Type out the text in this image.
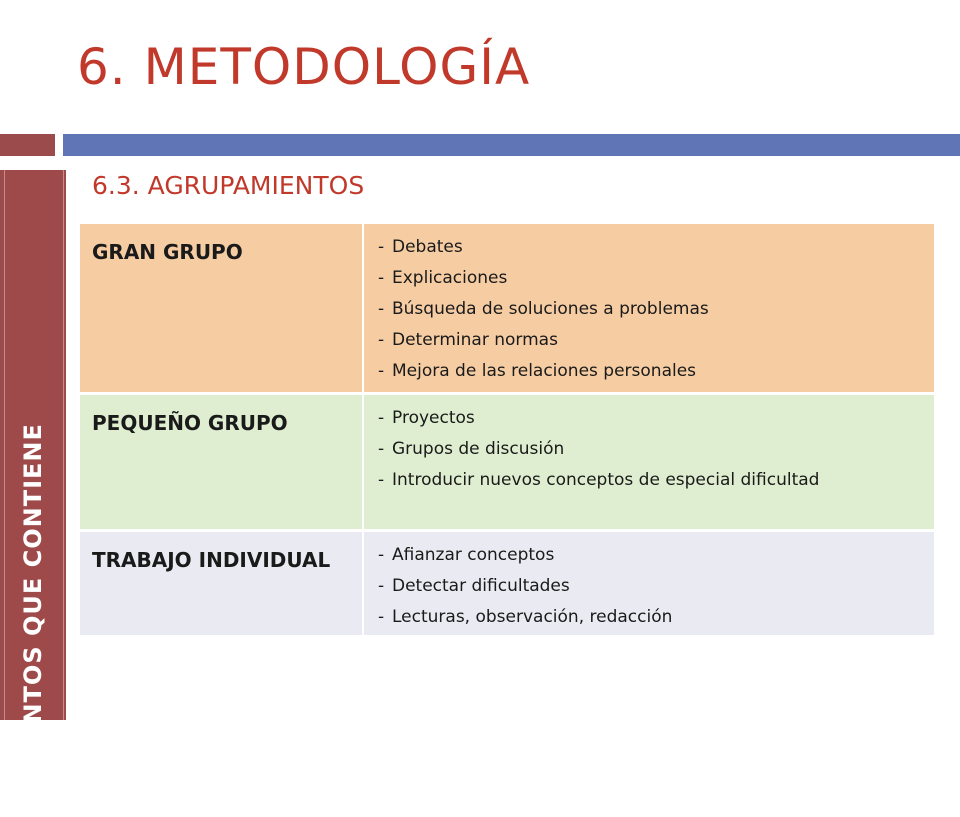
6. METODOLOGÍA
ELEMENTOS QUE CONTIENE
6.3. AGRUPAMIENTOS
GRAN GRUPO	- Debates
- Explicaciones
- Búsqueda de soluciones a problemas
- Determinar normas
- Mejora de las relaciones personales
PEQUEÑO GRUPO	- Proyectos
- Grupos de discusión
- Introducir nuevos conceptos de especial dificultad
TRABAJO INDIVIDUAL	- Afianzar conceptos
- Detectar dificultades
- Lecturas, observación, redacción
